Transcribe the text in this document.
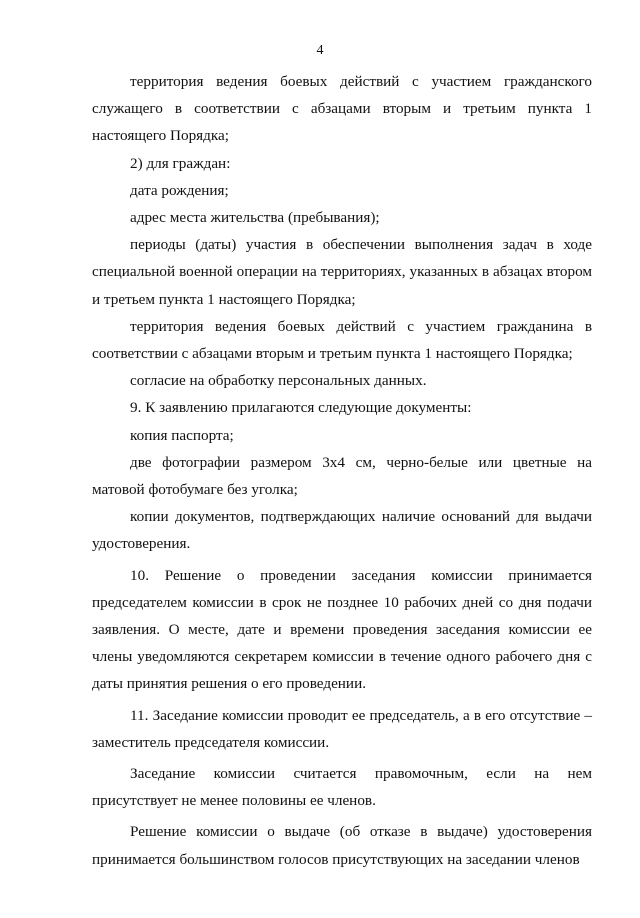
4

территория ведения боевых действий с участием гражданского служащего в соответствии с абзацами вторым и третьим пункта 1 настоящего Порядка;

2) для граждан:

дата рождения;

адрес места жительства (пребывания);

периоды (даты) участия в обеспечении выполнения задач в ходе специальной военной операции на территориях, указанных в абзацах втором и третьем пункта 1 настоящего Порядка;

территория ведения боевых действий с участием гражданина в соответствии с абзацами вторым и третьим пункта 1 настоящего Порядка;

согласие на обработку персональных данных.

9. К заявлению прилагаются следующие документы:

копия паспорта;

две фотографии размером 3х4 см, черно-белые или цветные на матовой фотобумаге без уголка;

копии документов, подтверждающих наличие оснований для выдачи удостоверения.

10. Решение о проведении заседания комиссии принимается председателем комиссии в срок не позднее 10 рабочих дней со дня подачи заявления. О месте, дате и времени проведения заседания комиссии ее члены уведомляются секретарем комиссии в течение одного рабочего дня с даты принятия решения о его проведении.

11. Заседание комиссии проводит ее председатель, а в его отсутствие – заместитель председателя комиссии.

Заседание комиссии считается правомочным, если на нем присутствует не менее половины ее членов.

Решение комиссии о выдаче (об отказе в выдаче) удостоверения принимается большинством голосов присутствующих на заседании членов
